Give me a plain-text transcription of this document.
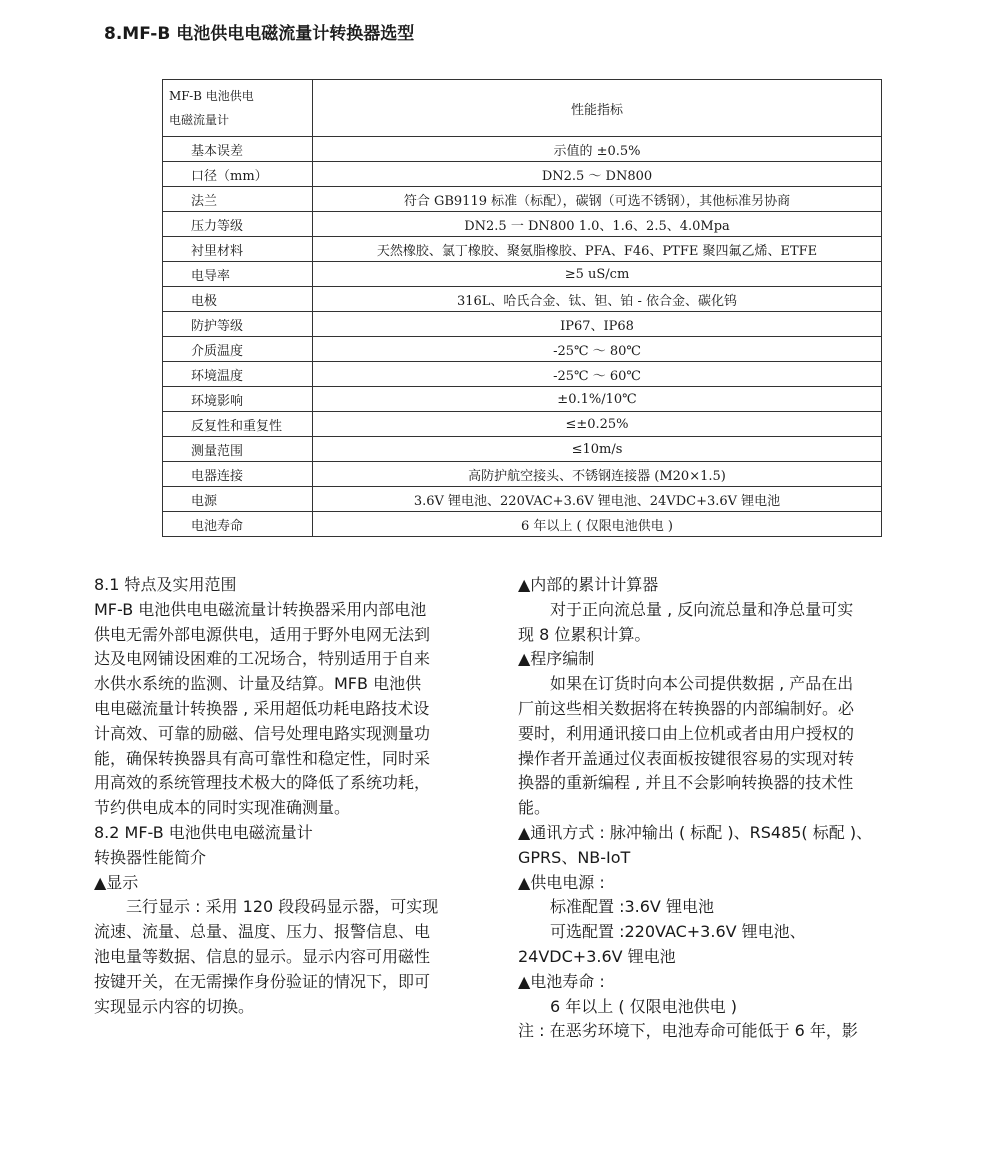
8.MF-B 电池供电电磁流量计转换器选型
MF-B 电池供电
电磁流量计	性能指标
基本误差	示值的 ±0.5%
口径（mm）	DN2.5 ～ DN800
法兰	符合 GB9119 标准（标配），碳钢（可选不锈钢），其他标准另协商
压力等级	DN2.5 一 DN800 1.0、1.6、2.5、4.0Mpa
衬里材料	天然橡胶、氯丁橡胶、聚氨脂橡胶、PFA、F46、PTFE 聚四氟乙烯、ETFE
电导率	≥5 uS/cm
电极	316L、哈氏合金、钛、钽、铂 - 依合金、碳化钨
防护等级	IP67、IP68
介质温度	-25℃ ～ 80℃
环境温度	-25℃ ～ 60℃
环境影响	±0.1%/10℃
反复性和重复性	≤±0.25%
测量范围	≤10m/s
电器连接	高防护航空接头、不锈钢连接器 (M20×1.5)
电源	3.6V 锂电池、220VAC+3.6V 锂电池、24VDC+3.6V 锂电池
电池寿命	6 年以上 ( 仅限电池供电 )

8.1 特点及实用范围

MF-B 电池供电电磁流量计转换器采用内部电池

供电无需外部电源供电，适用于野外电网无法到

达及电网铺设困难的工况场合，特别适用于自来

水供水系统的监测、计量及结算。MFB 电池供

电电磁流量计转换器 , 采用超低功耗电路技术设

计高效、可靠的励磁、信号处理电路实现测量功

能，确保转换器具有高可靠性和稳定性，同时采

用高效的系统管理技术极大的降低了系统功耗，

节约供电成本的同时实现准确测量。

8.2 MF-B 电池供电电磁流量计

转换器性能简介

▲显示

三行显示 : 采用 120 段段码显示器，可实现

流速、流量、总量、温度、压力、报警信息、电

池电量等数据、信息的显示。显示内容可用磁性

按键开关，在无需操作身份验证的情况下，即可

实现显示内容的切换。

▲内部的累计计算器

对于正向流总量 , 反向流总量和净总量可实

现 8 位累积计算。

▲程序编制

如果在订货时向本公司提供数据 , 产品在出

厂前这些相关数据将在转换器的内部编制好。必

要时，利用通讯接口由上位机或者由用户授权的

操作者开盖通过仪表面板按键很容易的实现对转

换器的重新编程 , 并且不会影响转换器的技术性

能。

▲通讯方式 : 脉冲输出 ( 标配 )、RS485( 标配 )、

GPRS、NB-IoT

▲供电电源 :

标准配置 :3.6V 锂电池

可选配置 :220VAC+3.6V 锂电池、

24VDC+3.6V 锂电池

▲电池寿命 :

6 年以上 ( 仅限电池供电 )

注 : 在恶劣环境下，电池寿命可能低于 6 年，影
